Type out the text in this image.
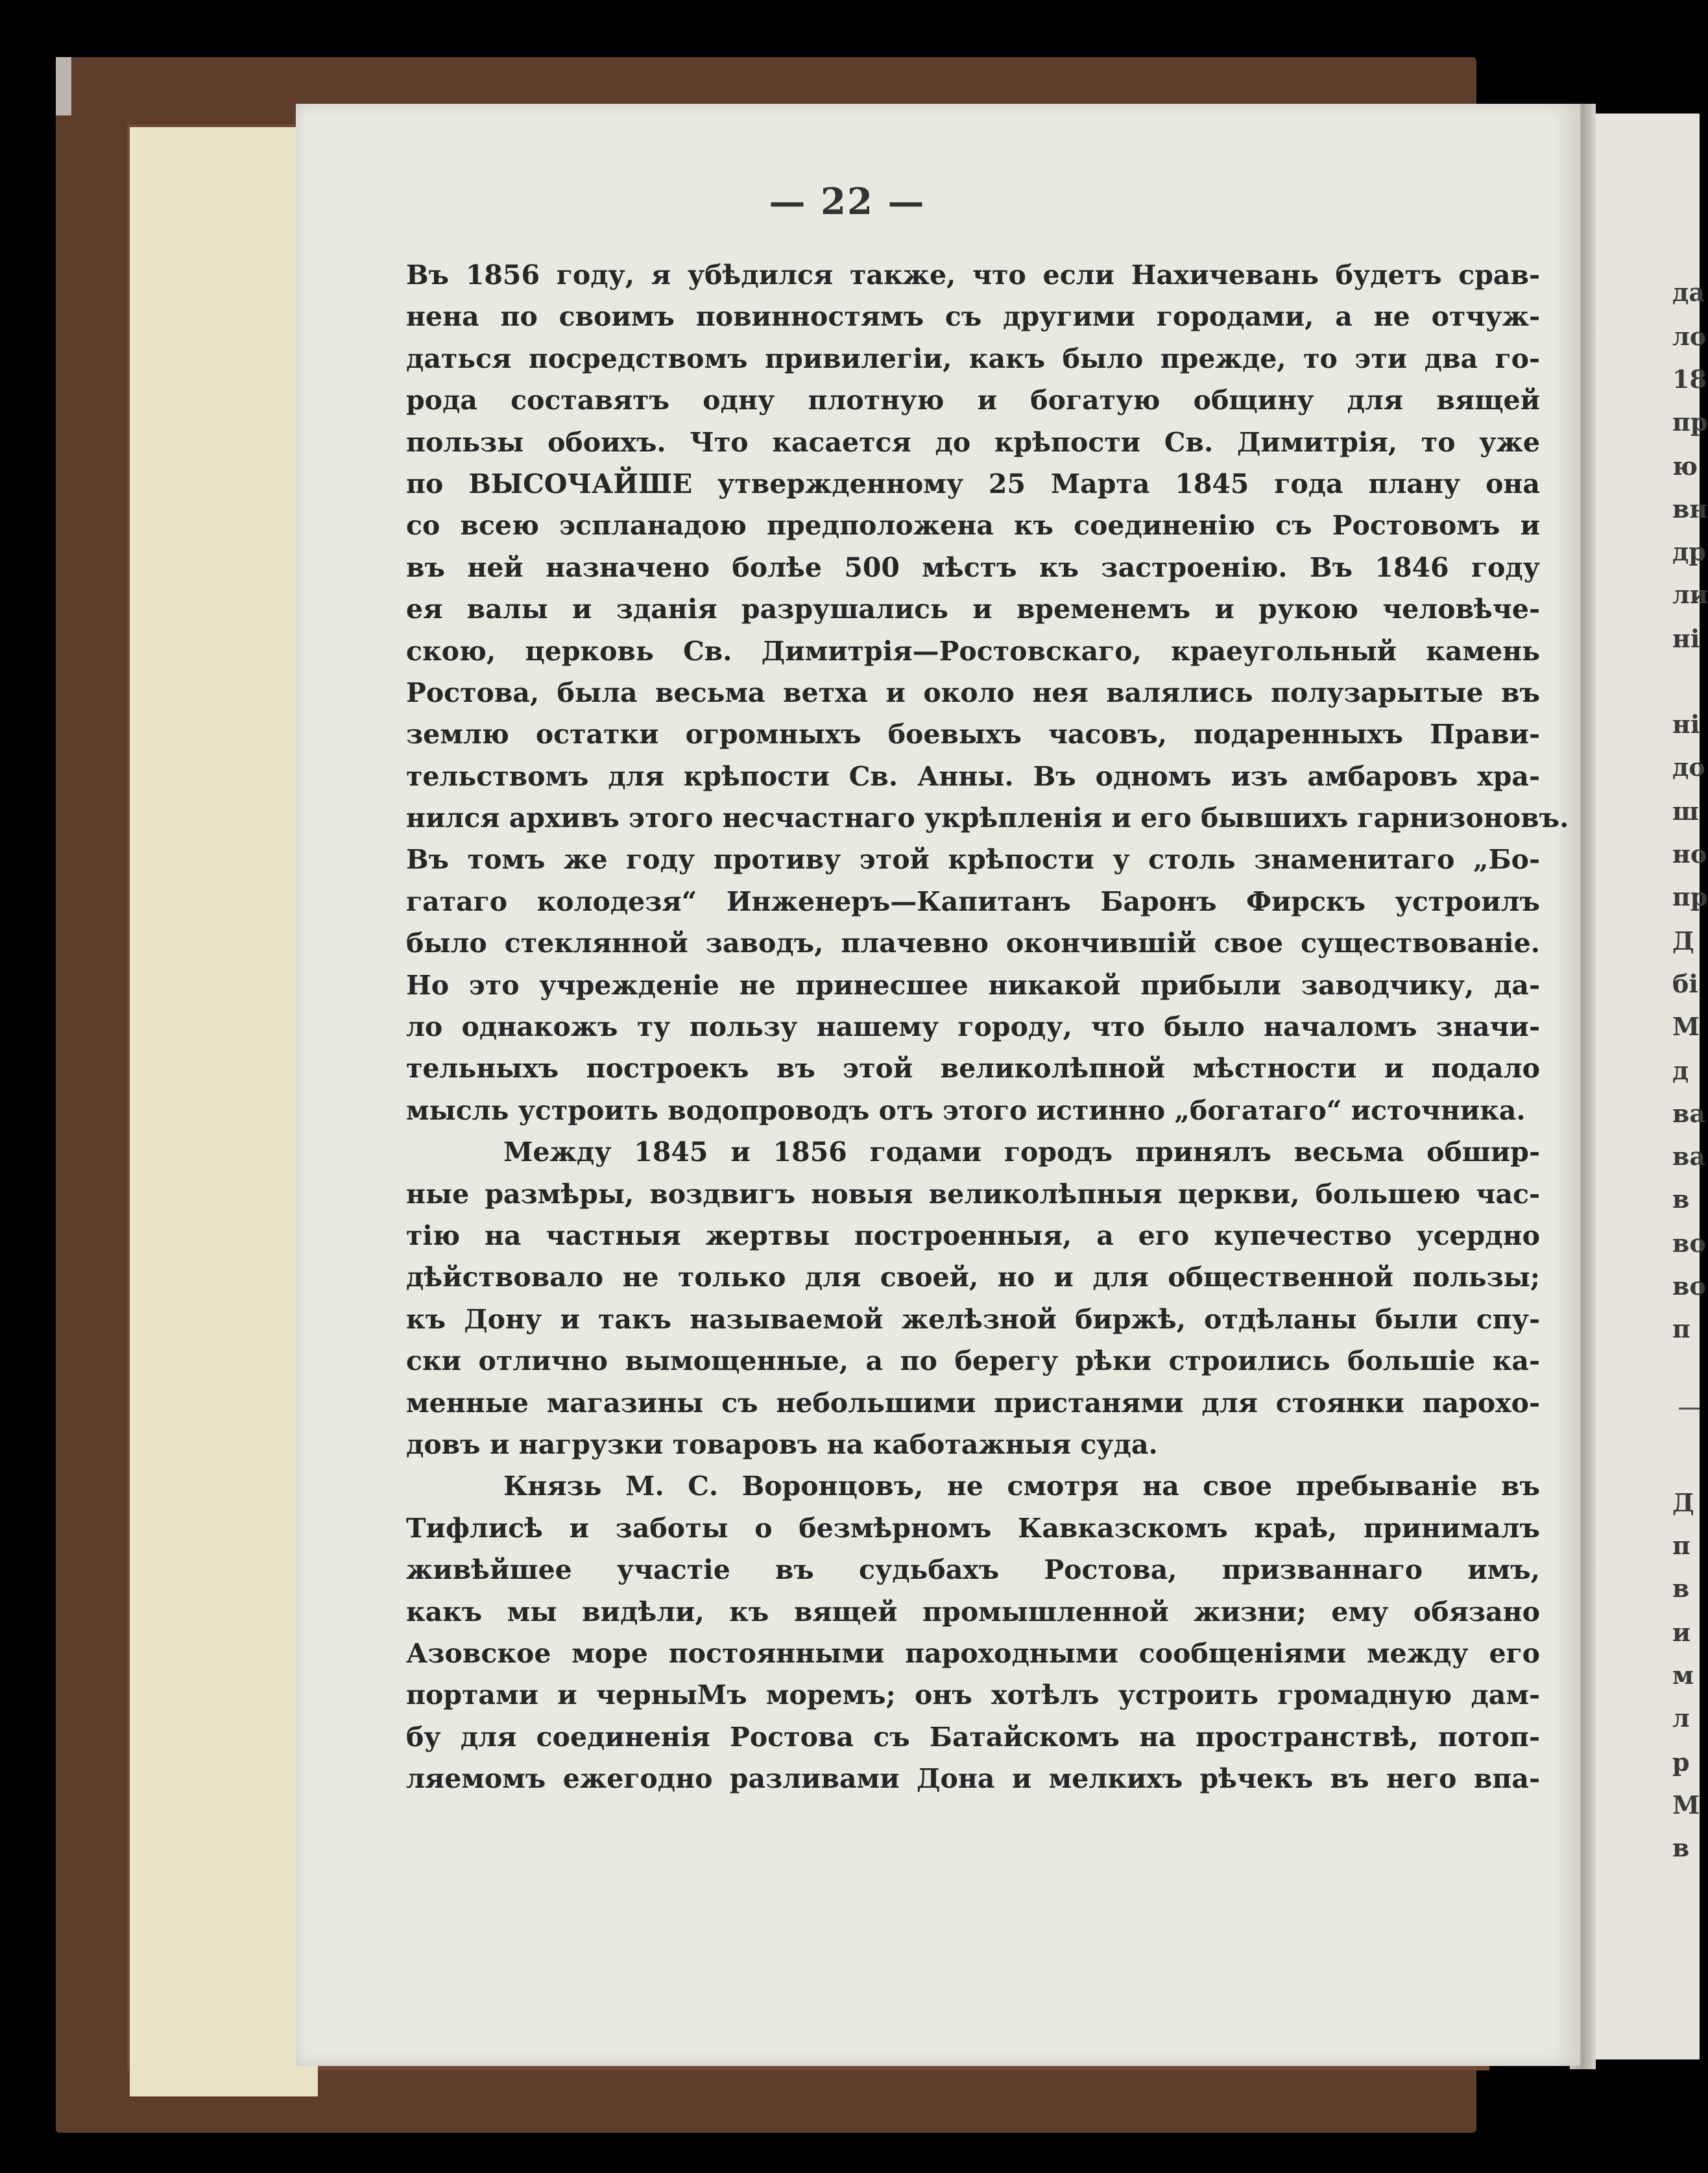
да
ло
18
пр
ю
вн
др
ли
ні
ні
до
ш
но
пр
Д
бі
М
д
ва
ва
в
во
во
п
Д
п
в
и
м
л
р
М
в

— 22 —

Въ 1856 году, я убѣдился также, что если Нахичевань будетъ срав-
нена по своимъ повинностямъ съ другими городами, а не отчуж-
даться посредствомъ привилегіи, какъ было прежде, то эти два го-
рода составятъ одну плотную и богатую общину для вящей
пользы обоихъ. Что касается до крѣпости Св. Димитрія, то уже
по ВЫСОЧАЙШЕ утвержденному 25 Марта 1845 года плану она
со всею эспланадою предположена къ соединенію съ Ростовомъ и
въ ней назначено болѣе 500 мѣстъ къ застроенію. Въ 1846 году
ея валы и зданія разрушались и временемъ и рукою человѣче-
скою, церковь Св. Димитрія—Ростовскаго, краеугольный камень
Ростова, была весьма ветха и около нея валялись полузарытые въ
землю остатки огромныхъ боевыхъ часовъ, подаренныхъ Прави-
тельствомъ для крѣпости Св. Анны. Въ одномъ изъ амбаровъ хра-
нился архивъ этого несчастнаго укрѣпленія и его бывшихъ гарнизоновъ.
Въ томъ же году противу этой крѣпости у столь знаменитаго „Бо-
гатаго колодезя“ Инженеръ—Капитанъ Баронъ Фирскъ устроилъ
было стеклянной заводъ, плачевно окончившій свое существованіе.
Но это учрежденіе не принесшее никакой прибыли заводчику, да-
ло однакожъ ту пользу нашему городу, что было началомъ значи-
тельныхъ построекъ въ этой великолѣпной мѣстности и подало
мысль устроить водопроводъ отъ этого истинно „богатаго“ источника.
Между 1845 и 1856 годами городъ принялъ весьма обшир-
ные размѣры, воздвигъ новыя великолѣпныя церкви, большею час-
тію на частныя жертвы построенныя, а его купечество усердно
дѣйствовало не только для своей, но и для общественной пользы;
къ Дону и такъ называемой желѣзной биржѣ, отдѣланы были спу-
ски отлично вымощенные, а по берегу рѣки строились большіе ка-
менные магазины съ небольшими пристанями для стоянки парохо-
довъ и нагрузки товаровъ на каботажныя суда.
Князь М. С. Воронцовъ, не смотря на свое пребываніе въ
Тифлисѣ и заботы о безмѣрномъ Кавказскомъ краѣ, принималъ
живѣйшее участіе въ судьбахъ Ростова, призваннаго имъ,
какъ мы видѣли, къ вящей промышленной жизни; ему обязано
Азовское море постоянными пароходными сообщеніями между его
портами и черныМъ моремъ; онъ хотѣлъ устроить громадную дам-
бу для соединенія Ростова съ Батайскомъ на пространствѣ, потоп-
ляемомъ ежегодно разливами Дона и мелкихъ рѣчекъ въ него впа-
